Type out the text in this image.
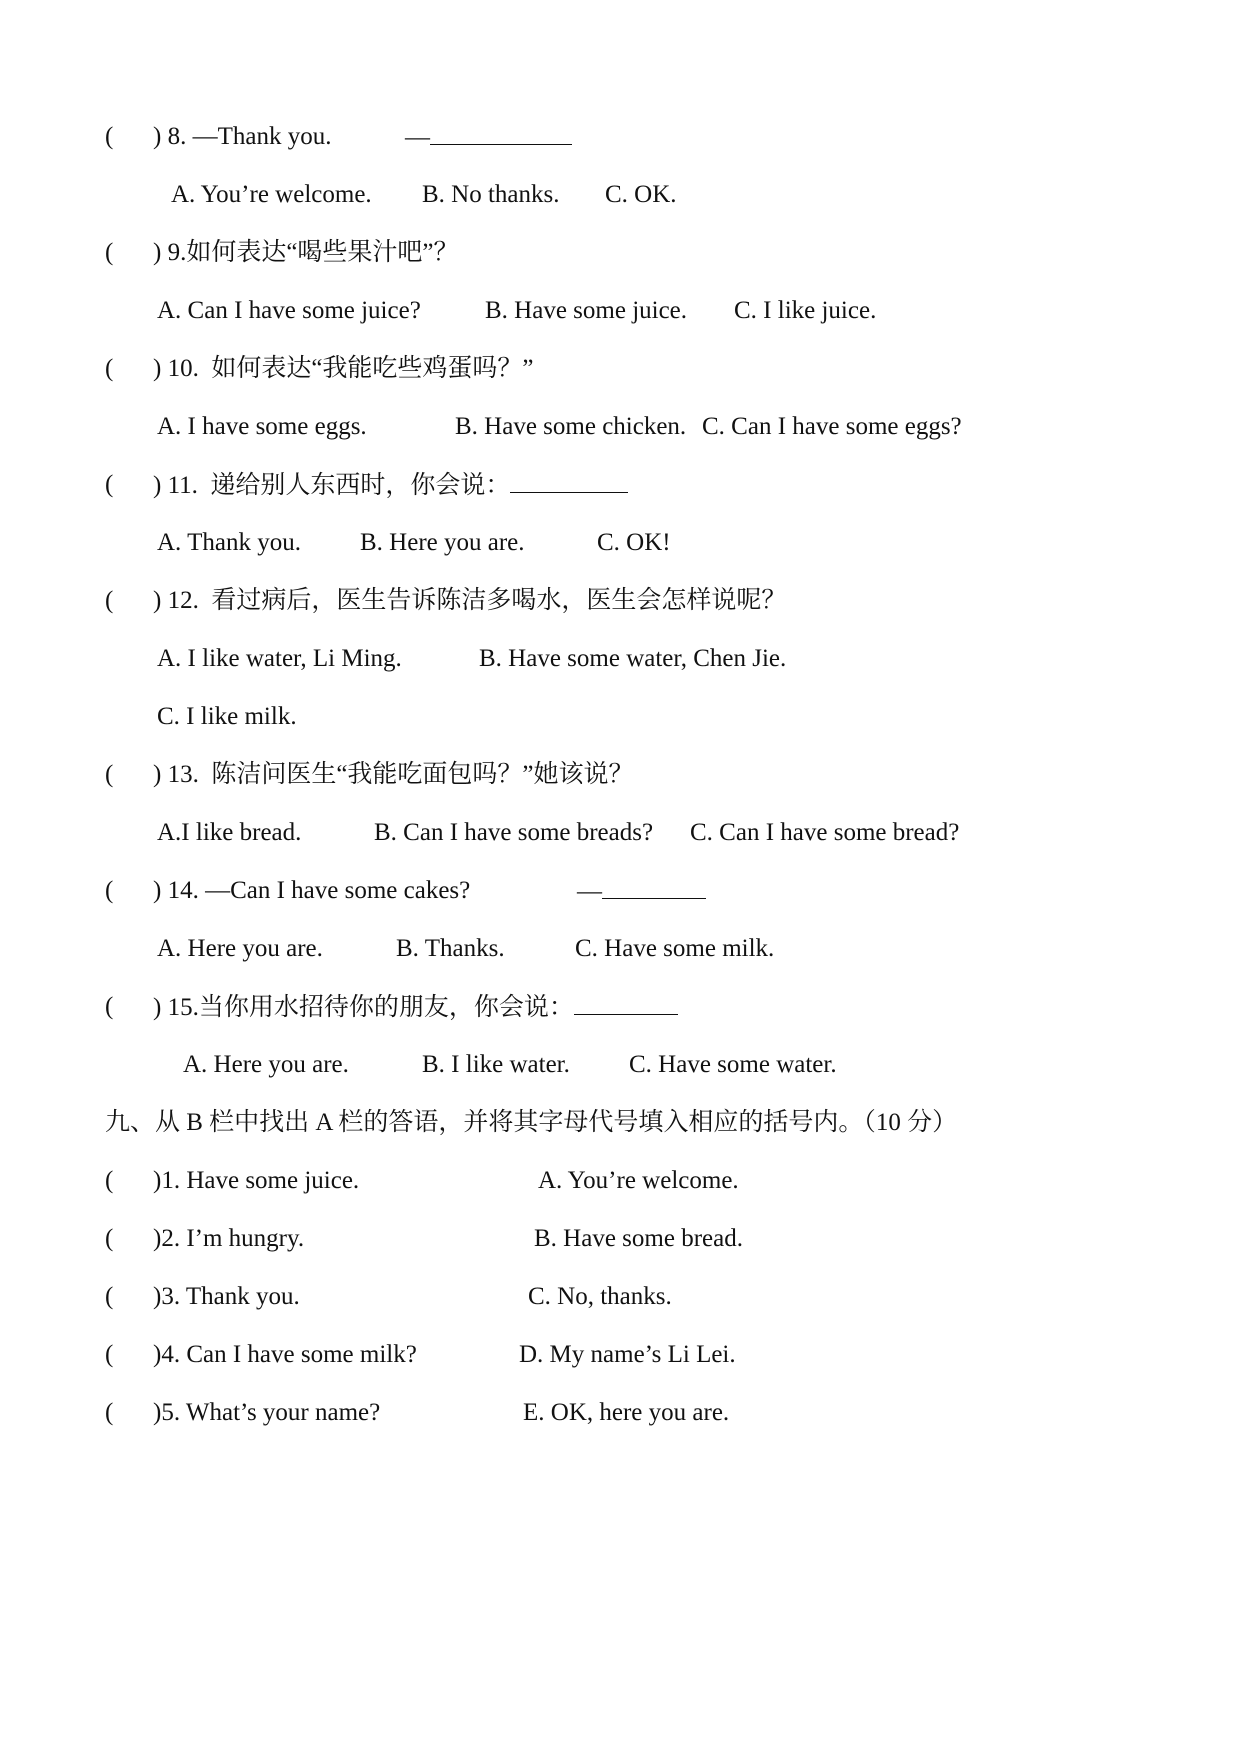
( ) 8. —Thank you.	—
A. You’re welcome. B. No thanks. C. OK.
( ) 9.如何表达“喝些果汁吧”？
A. Can I have some juice?	B. Have some juice. C. I like juice.
( ) 10.  如何表达“我能吃些鸡蛋吗？”
A. I have some eggs.	B. Have some chicken. C. Can I have some eggs?
( ) 11.  递给别人东西时，你会说：
A. Thank you. B. Here you are.	C. OK!
( ) 12.  看过病后，医生告诉陈洁多喝水，医生会怎样说呢？
A. I like water, Li Ming.	B. Have some water, Chen Jie.
C. I like milk.
( ) 13.  陈洁问医生“我能吃面包吗？”她该说？
A.I like bread.	B. Can I have some breads? C. Can I have some bread?
( ) 14. —Can I have some cakes?	—
A. Here you are.	B. Thanks.	C. Have some milk.
( ) 15.当你用水招待你的朋友，你会说：
A. Here you are.	B. I like water. C. Have some water.
九、从 B 栏中找出 A 栏的答语，并将其字母代号填入相应的括号内。（10 分）
( )1. Have some juice.	A. You’re welcome.
( )2. I’m hungry.	B. Have some bread.
( )3. Thank you.	C. No, thanks.
( )4. Can I have some milk?	D. My name’s Li Lei.
( )5. What’s your name?	E. OK, here you are.
